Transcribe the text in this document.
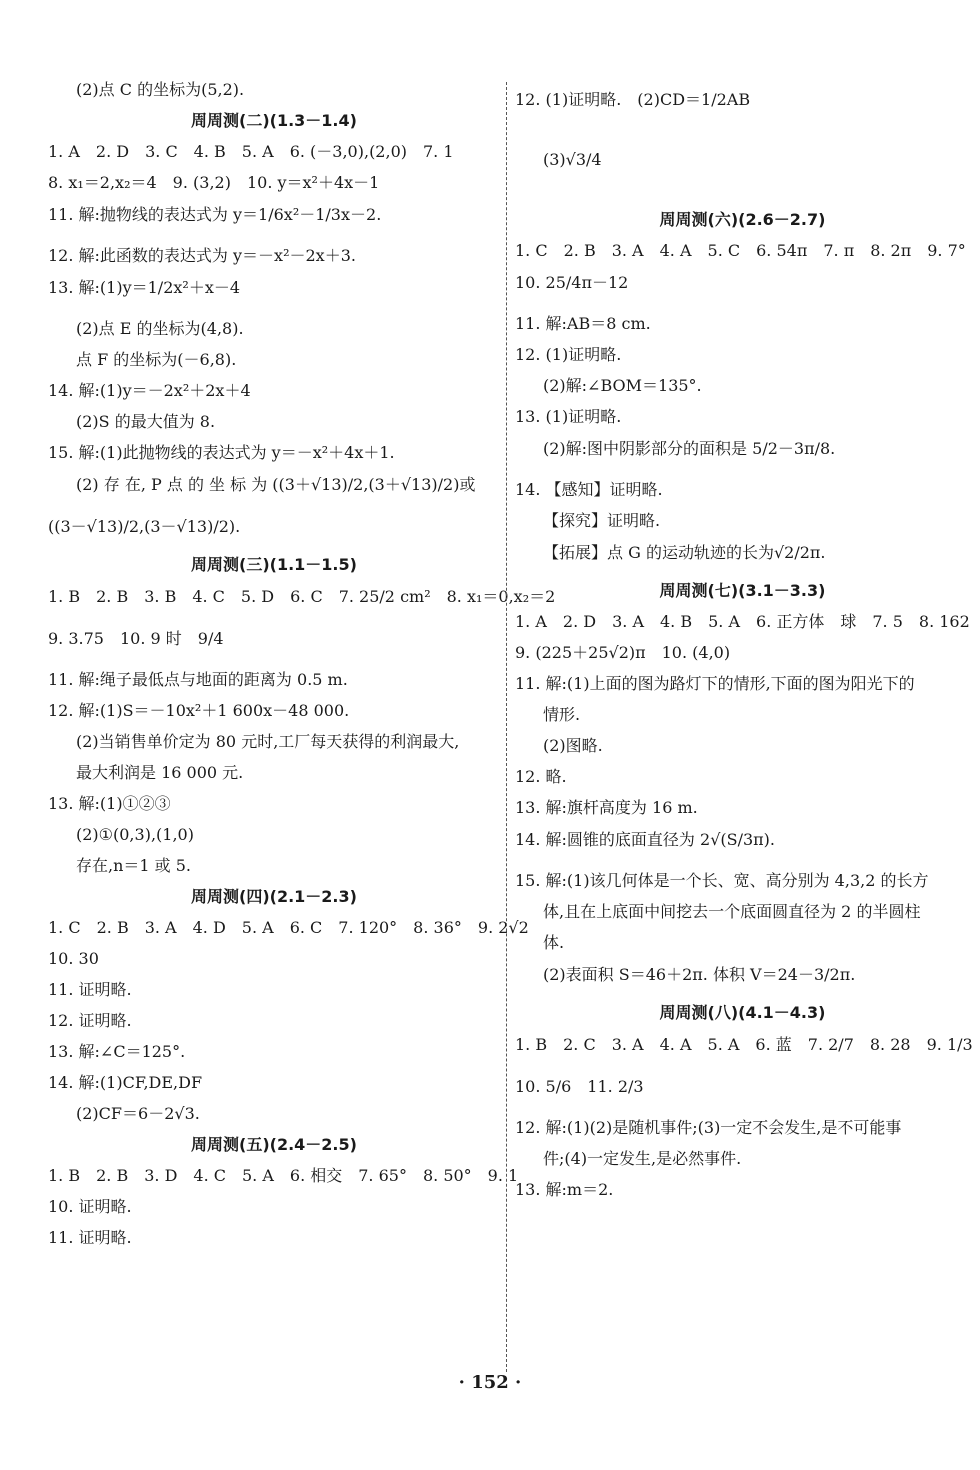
(2)点 C 的坐标为(5,2).

周周测(二)(1.3－1.4)

1. A　2. D　3. C　4. B　5. A　6. (－3,0),(2,0)　7. 1

8. x₁＝2,x₂＝4　9. (3,2)　10. y＝x²＋4x－1

11. 解:抛物线的表达式为 y＝1/6x²－1/3x－2.

12. 解:此函数的表达式为 y＝－x²－2x＋3.

13. 解:(1)y＝1/2x²＋x－4

(2)点 E 的坐标为(4,8).

点 F 的坐标为(－6,8).

14. 解:(1)y＝－2x²＋2x＋4

(2)S 的最大值为 8.

15. 解:(1)此抛物线的表达式为 y＝－x²＋4x＋1.

(2) 存 在, P 点 的 坐 标 为 ((3＋√13)/2,(3＋√13)/2)或

((3－√13)/2,(3－√13)/2).

周周测(三)(1.1－1.5)

1. B　2. B　3. B　4. C　5. D　6. C　7. 25/2 cm²　8. x₁＝0,x₂＝2

9. 3.75　10. 9 时　9/4

11. 解:绳子最低点与地面的距离为 0.5 m.

12. 解:(1)S＝－10x²＋1 600x－48 000.

(2)当销售单价定为 80 元时,工厂每天获得的利润最大,

最大利润是 16 000 元.

13. 解:(1)①②③

(2)①(0,3),(1,0)

存在,n＝1 或 5.

周周测(四)(2.1－2.3)

1. C　2. B　3. A　4. D　5. A　6. C　7. 120°　8. 36°　9. 2√2

10. 30

11. 证明略.

12. 证明略.

13. 解:∠C＝125°.

14. 解:(1)CF,DE,DF

(2)CF＝6－2√3.

周周测(五)(2.4－2.5)

1. B　2. B　3. D　4. C　5. A　6. 相交　7. 65°　8. 50°　9. 1

10. 证明略.

11. 证明略.

12. (1)证明略.　(2)CD＝1/2AB

(3)√3/4

周周测(六)(2.6－2.7)

1. C　2. B　3. A　4. A　5. C　6. 54π　7. π　8. 2π　9. 7°

10. 25/4π－12

11. 解:AB＝8 cm.

12. (1)证明略.

(2)解:∠BOM＝135°.

13. (1)证明略.

(2)解:图中阴影部分的面积是 5/2－3π/8.

14. 【感知】证明略.

【探究】证明略.

【拓展】点 G 的运动轨迹的长为√2/2π.

周周测(七)(3.1－3.3)

1. A　2. D　3. A　4. B　5. A　6. 正方体　球　7. 5　8. 162

9. (225＋25√2)π　10. (4,0)

11. 解:(1)上面的图为路灯下的情形,下面的图为阳光下的

情形.

(2)图略.

12. 略.

13. 解:旗杆高度为 16 m.

14. 解:圆锥的底面直径为 2√(S/3π).

15. 解:(1)该几何体是一个长、宽、高分别为 4,3,2 的长方

体,且在上底面中间挖去一个底面圆直径为 2 的半圆柱

体.

(2)表面积 S＝46＋2π. 体积 V＝24－3/2π.

周周测(八)(4.1－4.3)

1. B　2. C　3. A　4. A　5. A　6. 蓝　7. 2/7　8. 28　9. 1/3

10. 5/6　11. 2/3

12. 解:(1)(2)是随机事件;(3)一定不会发生,是不可能事

件;(4)一定发生,是必然事件.

13. 解:m＝2.

· 152 ·
